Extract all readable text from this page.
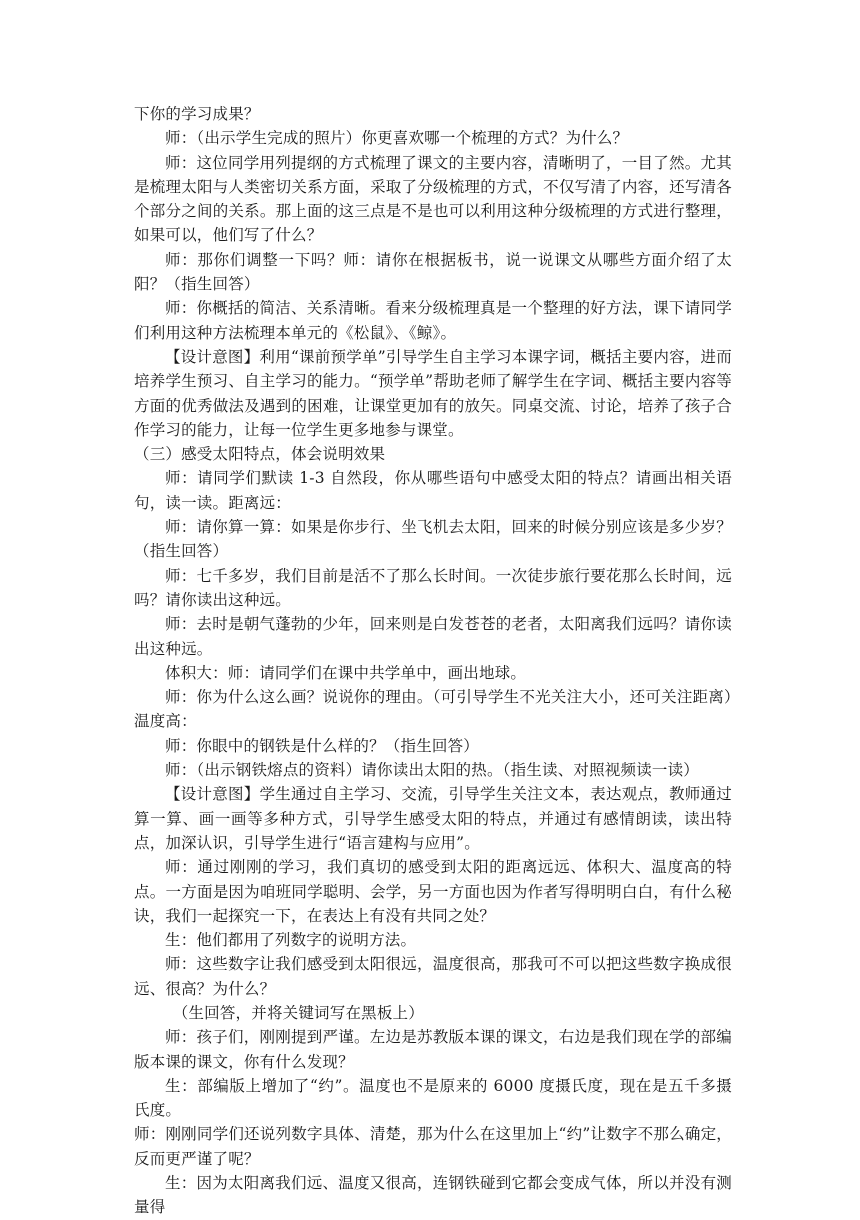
下你的学习成果？

师：（出示学生完成的照片）你更喜欢哪一个梳理的方式？为什么？

师：这位同学用列提纲的方式梳理了课文的主要内容，清晰明了，一目了然。尤其是梳理太阳与人类密切关系方面，采取了分级梳理的方式，不仅写清了内容，还写清各个部分之间的关系。那上面的这三点是不是也可以利用这种分级梳理的方式进行整理，如果可以，他们写了什么？

师：那你们调整一下吗？师：请你在根据板书，说一说课文从哪些方面介绍了太阳？（指生回答）

师：你概括的简洁、关系清晰。看来分级梳理真是一个整理的好方法，课下请同学们利用这种方法梳理本单元的《松鼠》、《鲸》。

【设计意图】利用“课前预学单”引导学生自主学习本课字词，概括主要内容，进而培养学生预习、自主学习的能力。“预学单”帮助老师了解学生在字词、概括主要内容等方面的优秀做法及遇到的困难，让课堂更加有的放矢。同桌交流、讨论，培养了孩子合作学习的能力，让每一位学生更多地参与课堂。

（三）感受太阳特点，体会说明效果

师：请同学们默读 1-3 自然段，你从哪些语句中感受太阳的特点？请画出相关语句，读一读。距离远：

师：请你算一算：如果是你步行、坐飞机去太阳，回来的时候分别应该是多少岁？（指生回答）

师：七千多岁，我们目前是活不了那么长时间。一次徒步旅行要花那么长时间，远吗？请你读出这种远。

师：去时是朝气蓬勃的少年，回来则是白发苍苍的老者，太阳离我们远吗？请你读出这种远。

体积大：师：请同学们在课中共学单中，画出地球。

师：你为什么这么画？说说你的理由。（可引导学生不光关注大小，还可关注距离）温度高：

师：你眼中的钢铁是什么样的？（指生回答）

师：（出示钢铁熔点的资料）请你读出太阳的热。（指生读、对照视频读一读）

【设计意图】学生通过自主学习、交流，引导学生关注文本，表达观点，教师通过算一算、画一画等多种方式，引导学生感受太阳的特点，并通过有感情朗读，读出特点，加深认识，引导学生进行“语言建构与应用”。

师：通过刚刚的学习，我们真切的感受到太阳的距离远远、体积大、温度高的特点。一方面是因为咱班同学聪明、会学，另一方面也因为作者写得明明白白，有什么秘诀，我们一起探究一下，在表达上有没有共同之处？

生：他们都用了列数字的说明方法。

师：这些数字让我们感受到太阳很远，温度很高，那我可不可以把这些数字换成很远、很高？为什么？

（生回答，并将关键词写在黑板上）

师：孩子们，刚刚提到严谨。左边是苏教版本课的课文，右边是我们现在学的部编版本课的课文，你有什么发现？

生：部编版上增加了“约”。温度也不是原来的 6000 度摄氏度，现在是五千多摄氏度。

师：刚刚同学们还说列数字具体、清楚，那为什么在这里加上“约”让数字不那么确定，反而更严谨了呢？

生：因为太阳离我们远、温度又很高，连钢铁碰到它都会变成气体，所以并没有测量得
